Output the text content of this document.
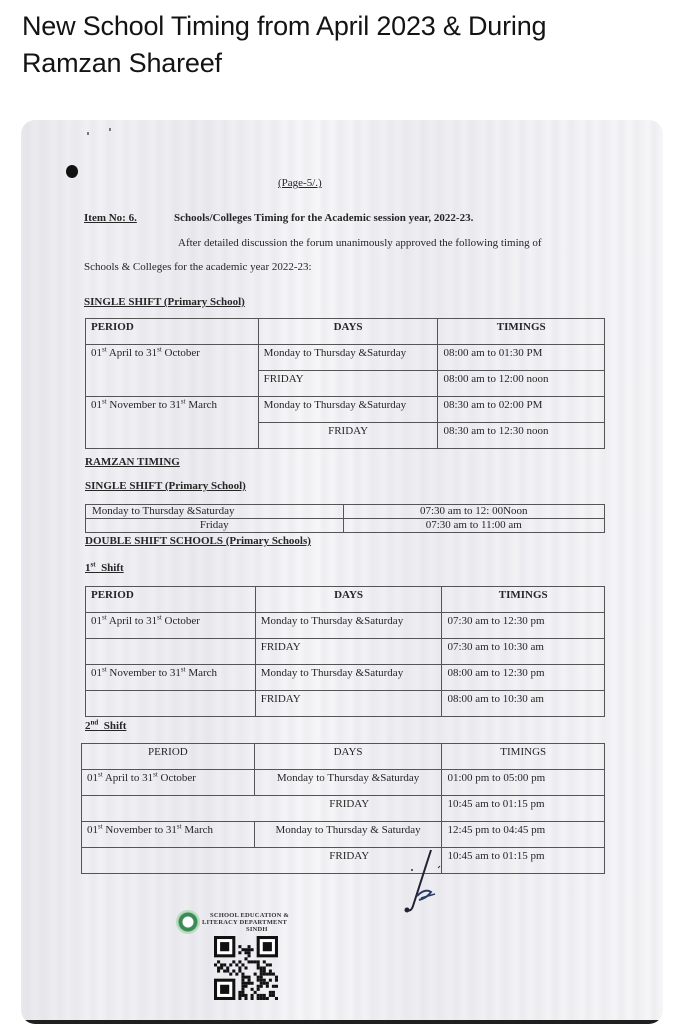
New School Timing from April 2023 & During Ramzan Shareef
(Page-5/.)
Item No: 6.	Schools/Colleges Timing for the Academic session year, 2022-23.
After detailed discussion the forum unanimously approved the following timing of
Schools & Colleges for the academic year 2022-23:
SINGLE SHIFT (Primary School)
PERIOD	DAYS	TIMINGS
01st April to 31st October	Monday to Thursday &Saturday	08:00 am to 01:30 PM
	FRIDAY	08:00 am to 12:00 noon
01st November to 31st March	Monday to Thursday &Saturday	08:30 am to 02:00 PM
	FRIDAY	08:30 am to 12:30 noon
RAMZAN TIMING
SINGLE SHIFT (Primary School)
Monday to Thursday &Saturday	07:30 am to 12: 00Noon
Friday	07:30 am to 11:00 am
DOUBLE SHIFT SCHOOLS (Primary Schools)
1st  Shift
PERIOD	DAYS	TIMINGS
01st April to 31st October	Monday to Thursday &Saturday	07:30 am to 12:30 pm
	FRIDAY	07:30 am to 10:30 am
01st November to 31st March	Monday to Thursday &Saturday	08:00 am to 12:30 pm
	FRIDAY	08:00 am to 10:30 am
2nd  Shift
PERIOD	DAYS	TIMINGS
01st April to 31st October	Monday to Thursday &Saturday	01:00 pm to 05:00 pm
FRIDAY		10:45 am to 01:15 pm
01st November to 31st March	Monday to Thursday & Saturday	12:45 pm to 04:45 pm
FRIDAY		10:45 am to 01:15 pm
SCHOOL EDUCATION &
LITERACY DEPARTMENT
SINDH
